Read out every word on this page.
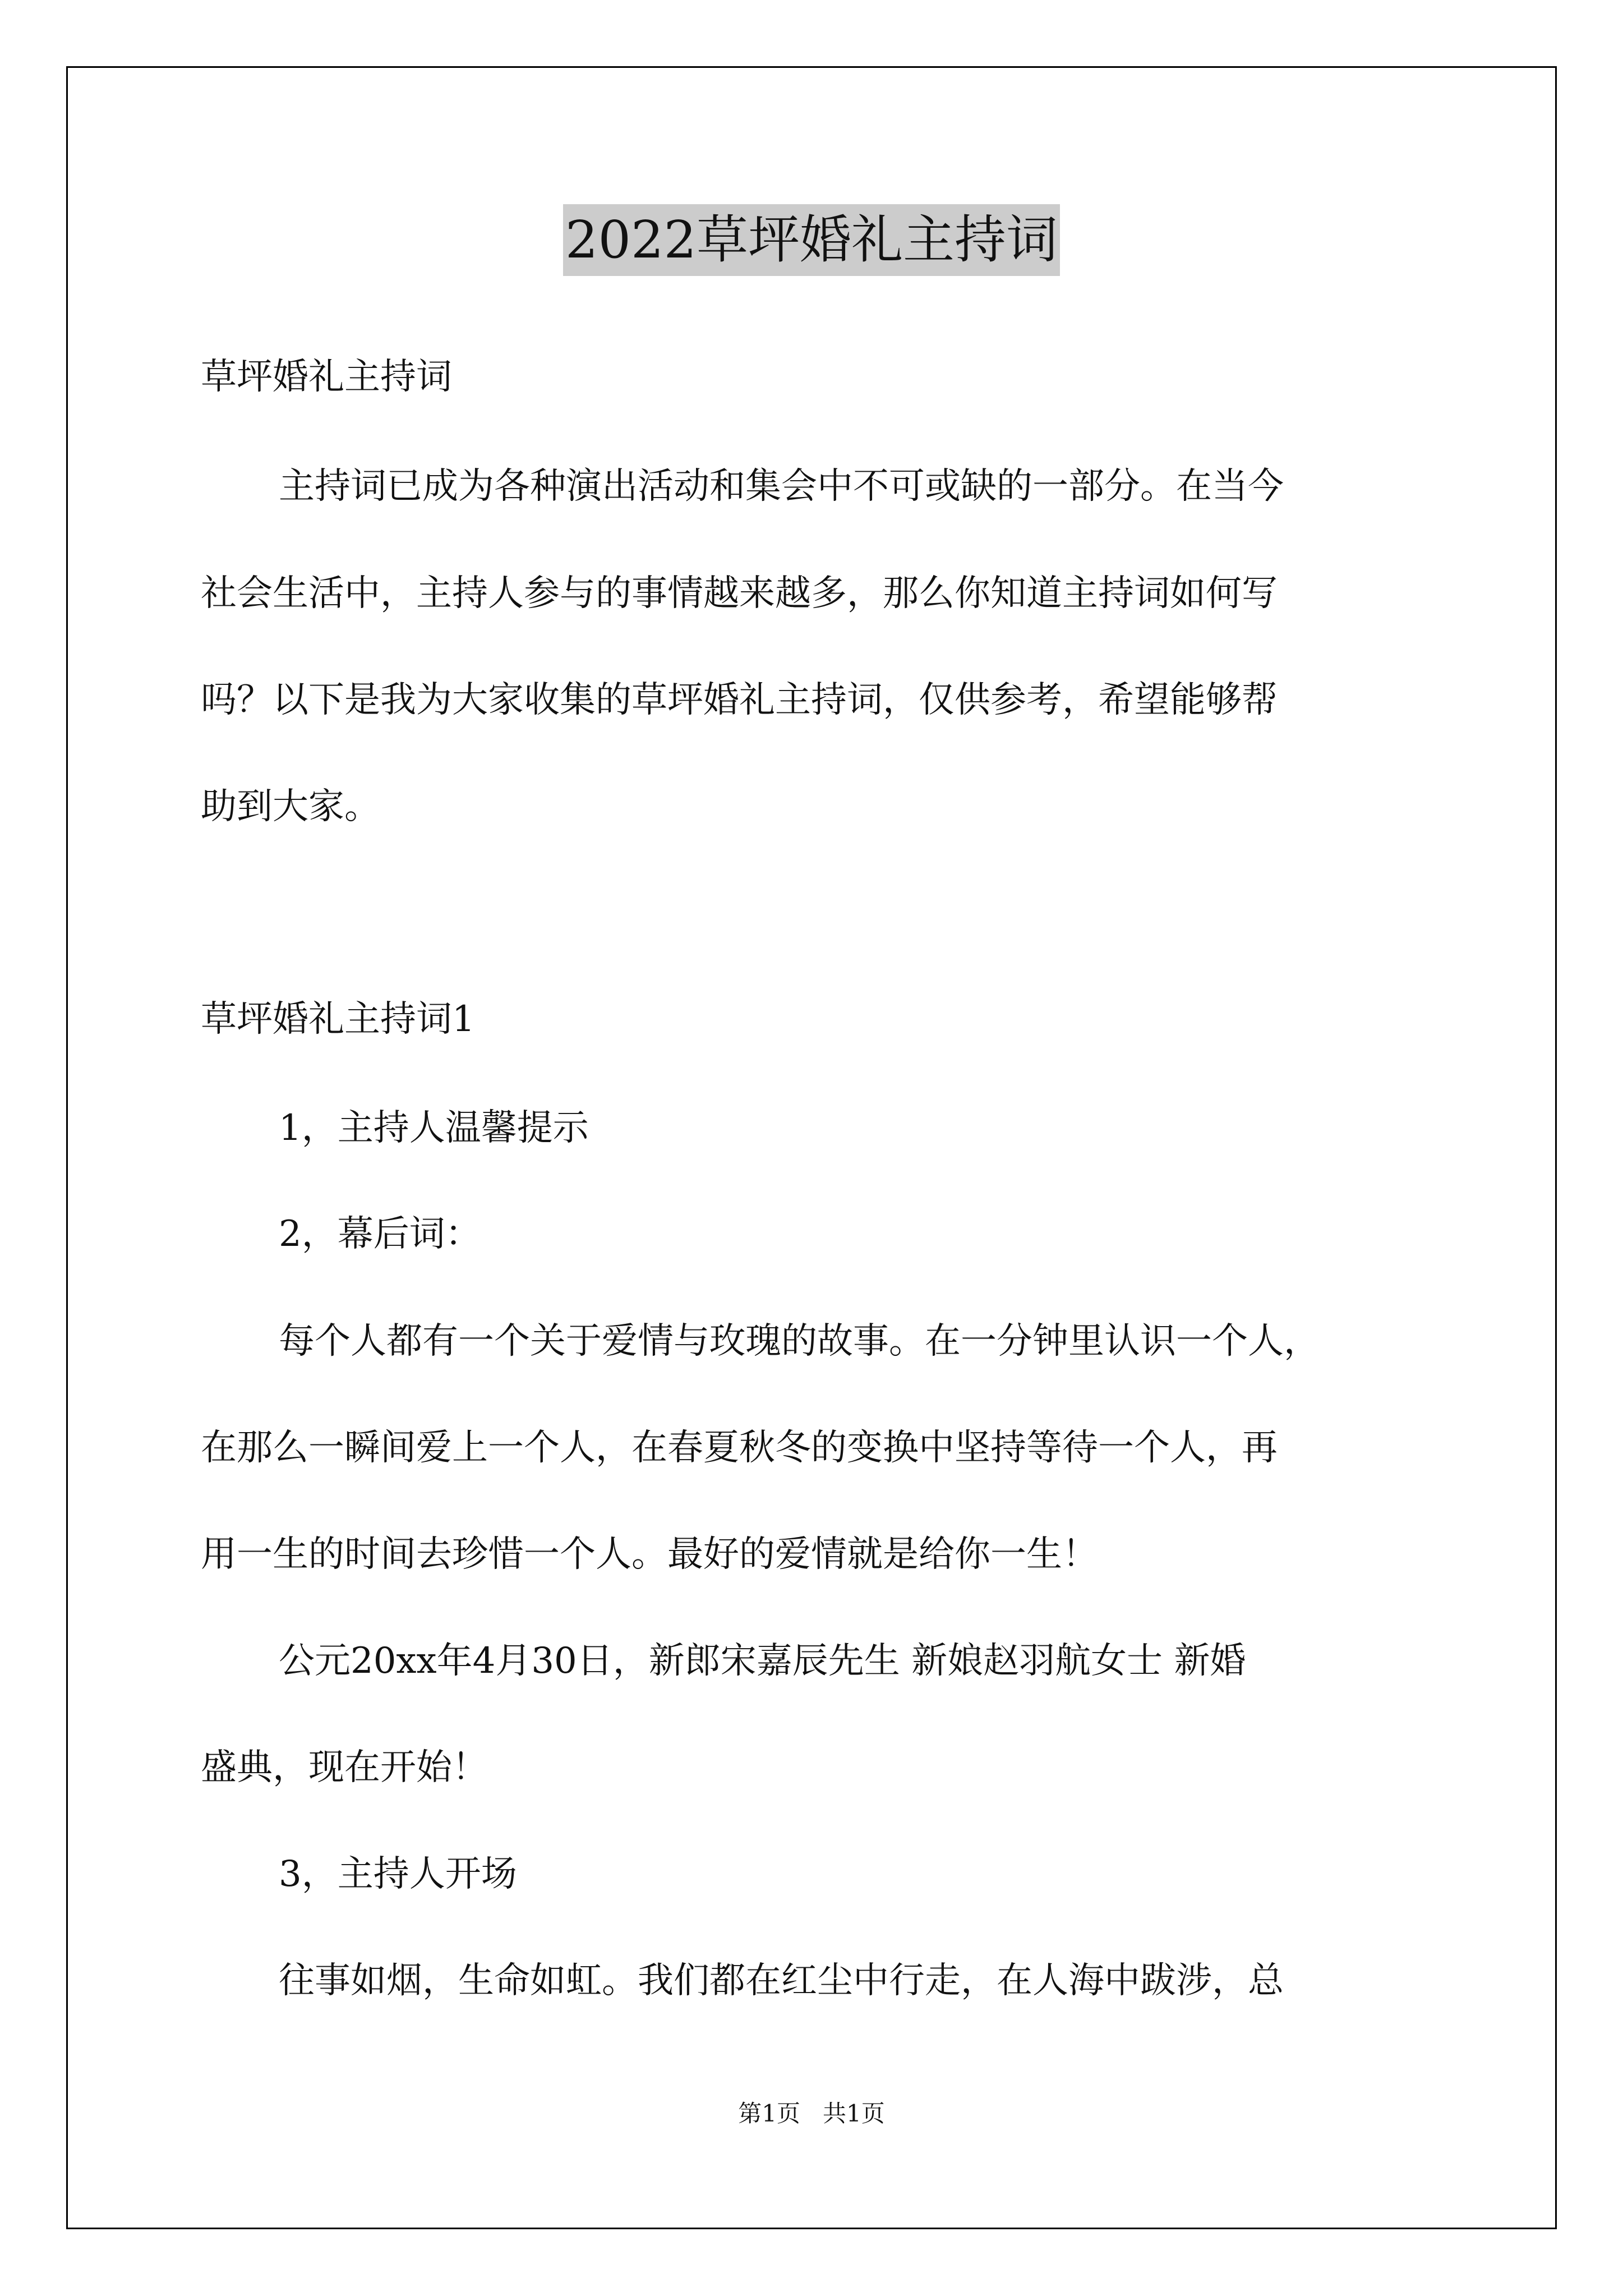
2022草坪婚礼主持词
草坪婚礼主持词
主持词已成为各种演出活动和集会中不可或缺的一部分。在当今
社会生活中，主持人参与的事情越来越多，那么你知道主持词如何写
吗？以下是我为大家收集的草坪婚礼主持词，仅供参考，希望能够帮
助到大家。
草坪婚礼主持词1
1，主持人温馨提示
2，幕后词：
每个人都有一个关于爱情与玫瑰的故事。在一分钟里认识一个人，
在那么一瞬间爱上一个人，在春夏秋冬的变换中坚持等待一个人，再
用一生的时间去珍惜一个人。最好的爱情就是给你一生！
公元20xx年4月30日，新郎宋嘉辰先生 新娘赵羽航女士 新婚
盛典，现在开始！
3，主持人开场
往事如烟，生命如虹。我们都在红尘中行走，在人海中跋涉，总
第1页   共1页
